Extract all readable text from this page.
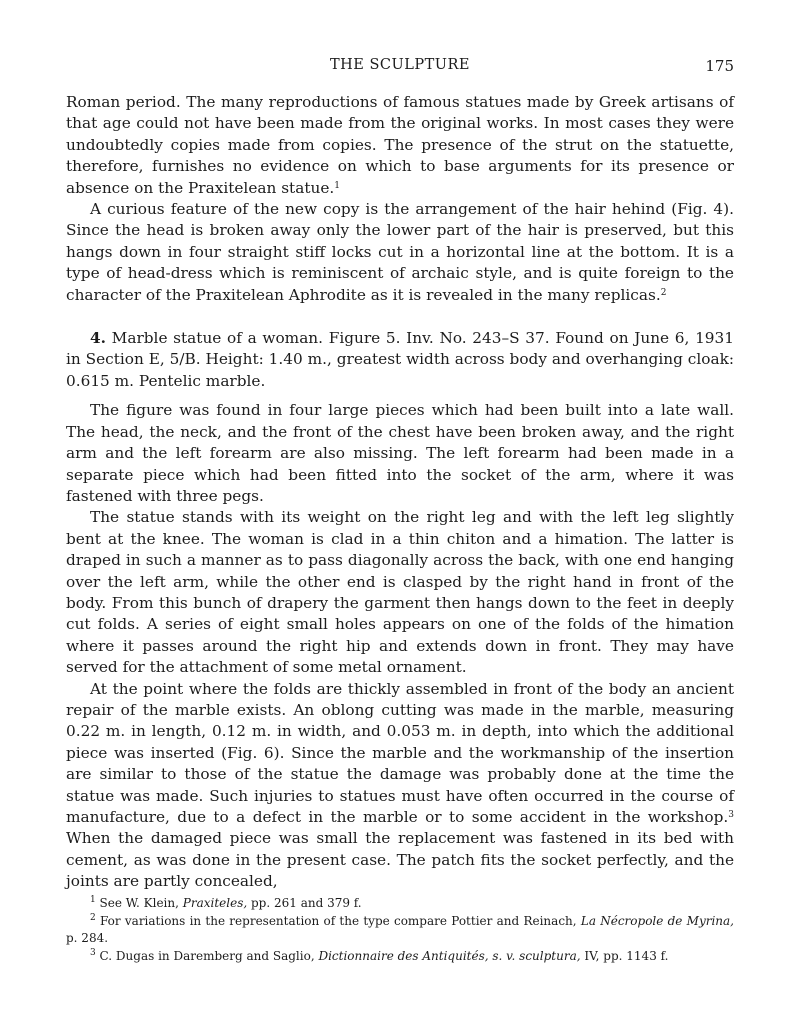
THE SCULPTURE	175

Roman period. The many reproductions of famous statues made by Greek artisans of that age could not have been made from the original works. In most cases they were undoubtedly copies made from copies. The presence of the strut on the statuette, therefore, furnishes no evidence on which to base arguments for its presence or absence on the Praxitelean statue.$^1$

A curious feature of the new copy is the arrangement of the hair hehind (Fig. 4). Since the head is broken away only the lower part of the hair is preserved, but this hangs down in four straight stiff locks cut in a horizontal line at the bottom. It is a type of head-dress which is reminiscent of archaic style, and is quite foreign to the character of the Praxitelean Aphrodite as it is revealed in the many replicas.$^2$

4. Marble statue of a woman. Figure 5. Inv. No. 243–S 37. Found on June 6, 1931 in Section E, 5/B. Height: 1.40 m., greatest width across body and overhanging cloak: 0.615 m. Pentelic marble.

The figure was found in four large pieces which had been built into a late wall. The head, the neck, and the front of the chest have been broken away, and the right arm and the left forearm are also missing. The left forearm had been made in a separate piece which had been fitted into the socket of the arm, where it was fastened with three pegs.

The statue stands with its weight on the right leg and with the left leg slightly bent at the knee. The woman is clad in a thin chiton and a himation. The latter is draped in such a manner as to pass diagonally across the back, with one end hanging over the left arm, while the other end is clasped by the right hand in front of the body. From this bunch of drapery the garment then hangs down to the feet in deeply cut folds. A series of eight small holes appears on one of the folds of the himation where it passes around the right hip and extends down in front. They may have served for the attachment of some metal ornament.

At the point where the folds are thickly assembled in front of the body an ancient repair of the marble exists. An oblong cutting was made in the marble, measuring 0.22 m. in length, 0.12 m. in width, and 0.053 m. in depth, into which the additional piece was inserted (Fig. 6). Since the marble and the workmanship of the insertion are similar to those of the statue the damage was probably done at the time the statue was made. Such injuries to statues must have often occurred in the course of manufacture, due to a defect in the marble or to some accident in the workshop.$^3$ When the damaged piece was small the replacement was fastened in its bed with cement, as was done in the present case. The patch fits the socket perfectly, and the joints are partly concealed,

$^1$ See W. Klein, Praxiteles, pp. 261 and 379 f.

$^2$ For variations in the representation of the type compare Pottier and Reinach, La Nécropole de Myrina, p. 284.

$^3$ C. Dugas in Daremberg and Saglio, Dictionnaire des Antiquités, s. v. sculptura, IV, pp. 1143 f.
